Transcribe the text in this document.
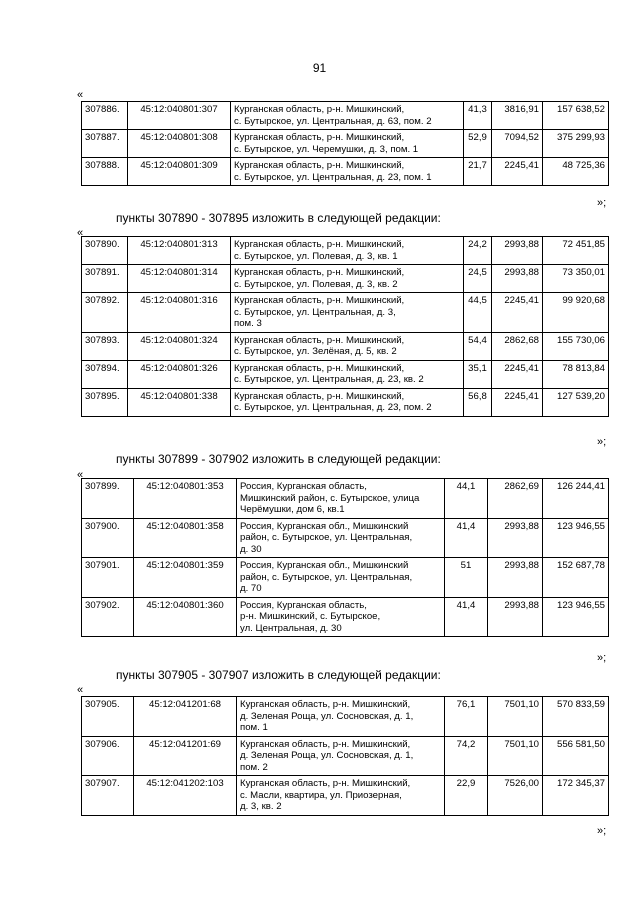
91
«
307886.	45:12:040801:307	Курганская область, р-н. Мишкинский,
с. Бутырское, ул. Центральная, д. 63, пом. 2	41,3	3816,91	157 638,52
307887.	45:12:040801:308	Курганская область, р-н. Мишкинский,
с. Бутырское, ул. Черемушки, д. 3, пом. 1	52,9	7094,52	375 299,93
307888.	45:12:040801:309	Курганская область, р-н. Мишкинский,
с. Бутырское, ул. Центральная, д. 23, пом. 1	21,7	2245,41	48 725,36
»;
пункты 307890 - 307895 изложить в следующей редакции:
«
307890.	45:12:040801:313	Курганская область, р-н. Мишкинский,
с. Бутырское, ул. Полевая, д. 3, кв. 1	24,2	2993,88	72 451,85
307891.	45:12:040801:314	Курганская область, р-н. Мишкинский,
с. Бутырское, ул. Полевая, д. 3, кв. 2	24,5	2993,88	73 350,01
307892.	45:12:040801:316	Курганская область, р-н. Мишкинский,
с. Бутырское, ул. Центральная, д. 3,
пом. 3	44,5	2245,41	99 920,68
307893.	45:12:040801:324	Курганская область, р-н. Мишкинский,
с. Бутырское, ул. Зелёная, д. 5, кв. 2	54,4	2862,68	155 730,06
307894.	45:12:040801:326	Курганская область, р-н. Мишкинский,
с. Бутырское, ул. Центральная, д. 23, кв. 2	35,1	2245,41	78 813,84
307895.	45:12:040801:338	Курганская область, р-н. Мишкинский,
с. Бутырское, ул. Центральная, д. 23, пом. 2	56,8	2245,41	127 539,20
»;
пункты 307899 - 307902 изложить в следующей редакции:
«
307899.	45:12:040801:353	Россия, Курганская область,
Мишкинский район, с. Бутырское, улица
Черёмушки, дом 6, кв.1	44,1	2862,69	126 244,41
307900.	45:12:040801:358	Россия, Курганская обл., Мишкинский
район, с. Бутырское, ул. Центральная,
д. 30	41,4	2993,88	123 946,55
307901.	45:12:040801:359	Россия, Курганская обл., Мишкинский
район, с. Бутырское, ул. Центральная,
д. 70	51	2993,88	152 687,78
307902.	45:12:040801:360	Россия, Курганская область,
р-н. Мишкинский, с. Бутырское,
ул. Центральная, д. 30	41,4	2993,88	123 946,55
»;
пункты 307905 - 307907 изложить в следующей редакции:
«
307905.	45:12:041201:68	Курганская область, р-н. Мишкинский,
д. Зеленая Роща, ул. Сосновская, д. 1,
пом. 1	76,1	7501,10	570 833,59
307906.	45:12:041201:69	Курганская область, р-н. Мишкинский,
д. Зеленая Роща, ул. Сосновская, д. 1,
пом. 2	74,2	7501,10	556 581,50
307907.	45:12:041202:103	Курганская область, р-н. Мишкинский,
с. Масли, квартира, ул. Приозерная,
д. 3, кв. 2	22,9	7526,00	172 345,37
»;
